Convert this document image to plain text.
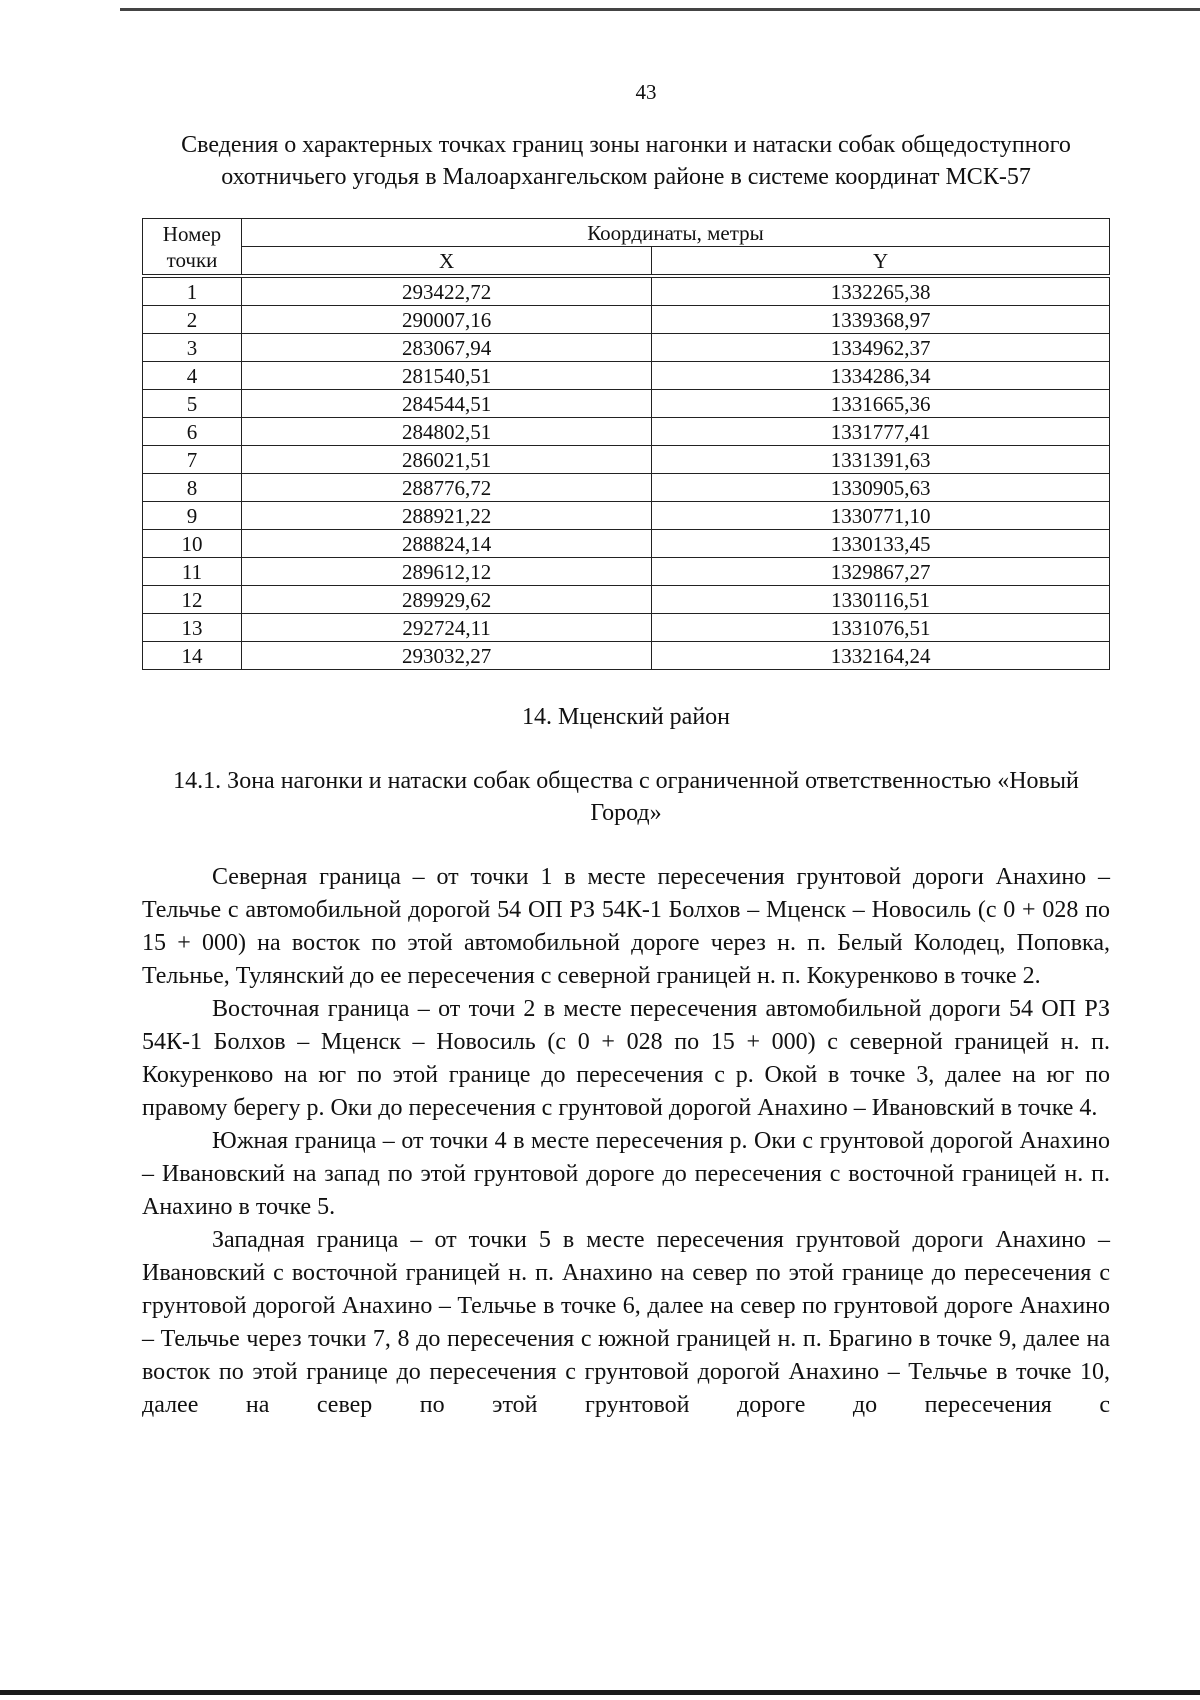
43
Сведения о характерных точках границ зоны нагонки и натаски собак общедоступного охотничьего угодья в Малоархангельском районе в системе координат МСК-57
Номер точки	Координаты, метры	
	X	Y
1	293422,72	1332265,38
2	290007,16	1339368,97
3	283067,94	1334962,37
4	281540,51	1334286,34
5	284544,51	1331665,36
6	284802,51	1331777,41
7	286021,51	1331391,63
8	288776,72	1330905,63
9	288921,22	1330771,10
10	288824,14	1330133,45
11	289612,12	1329867,27
12	289929,62	1330116,51
13	292724,11	1331076,51
14	293032,27	1332164,24
14. Мценский район
14.1. Зона нагонки и натаски собак общества с ограниченной ответственностью «Новый Город»

Северная граница – от точки 1 в месте пересечения грунтовой дороги Анахино – Тельчье с автомобильной дорогой 54 ОП РЗ 54К-1 Болхов – Мценск – Новосиль (с 0 + 028 по 15 + 000) на восток по этой автомобильной дороге через н. п. Белый Колодец, Поповка, Тельнье, Тулянский до ее пересечения с северной границей н. п. Кокуренково в точке 2.

Восточная граница – от точи 2 в месте пересечения автомобильной дороги 54 ОП РЗ 54К-1 Болхов – Мценск – Новосиль (с 0 + 028 по 15 + 000) с северной границей н. п. Кокуренково на юг по этой границе до пересечения с р. Окой в точке 3, далее на юг по правому берегу р. Оки до пересечения с грунтовой дорогой Анахино – Ивановский в точке 4.

Южная граница – от точки 4 в месте пересечения р. Оки с грунтовой дорогой Анахино – Ивановский на запад по этой грунтовой дороге до пересечения с восточной границей н. п. Анахино в точке 5.

Западная граница – от точки 5 в месте пересечения грунтовой дороги Анахино – Ивановский с восточной границей н. п. Анахино на север по этой границе до пересечения с грунтовой дорогой Анахино – Тельчье в точке 6, далее на север по грунтовой дороге Анахино – Тельчье через точки 7, 8 до пересечения с южной границей н. п. Брагино в точке 9, далее на восток по этой границе до пересечения с грунтовой дорогой Анахино – Тельчье в точке 10, далее на север по этой грунтовой дороге до пересечения с
